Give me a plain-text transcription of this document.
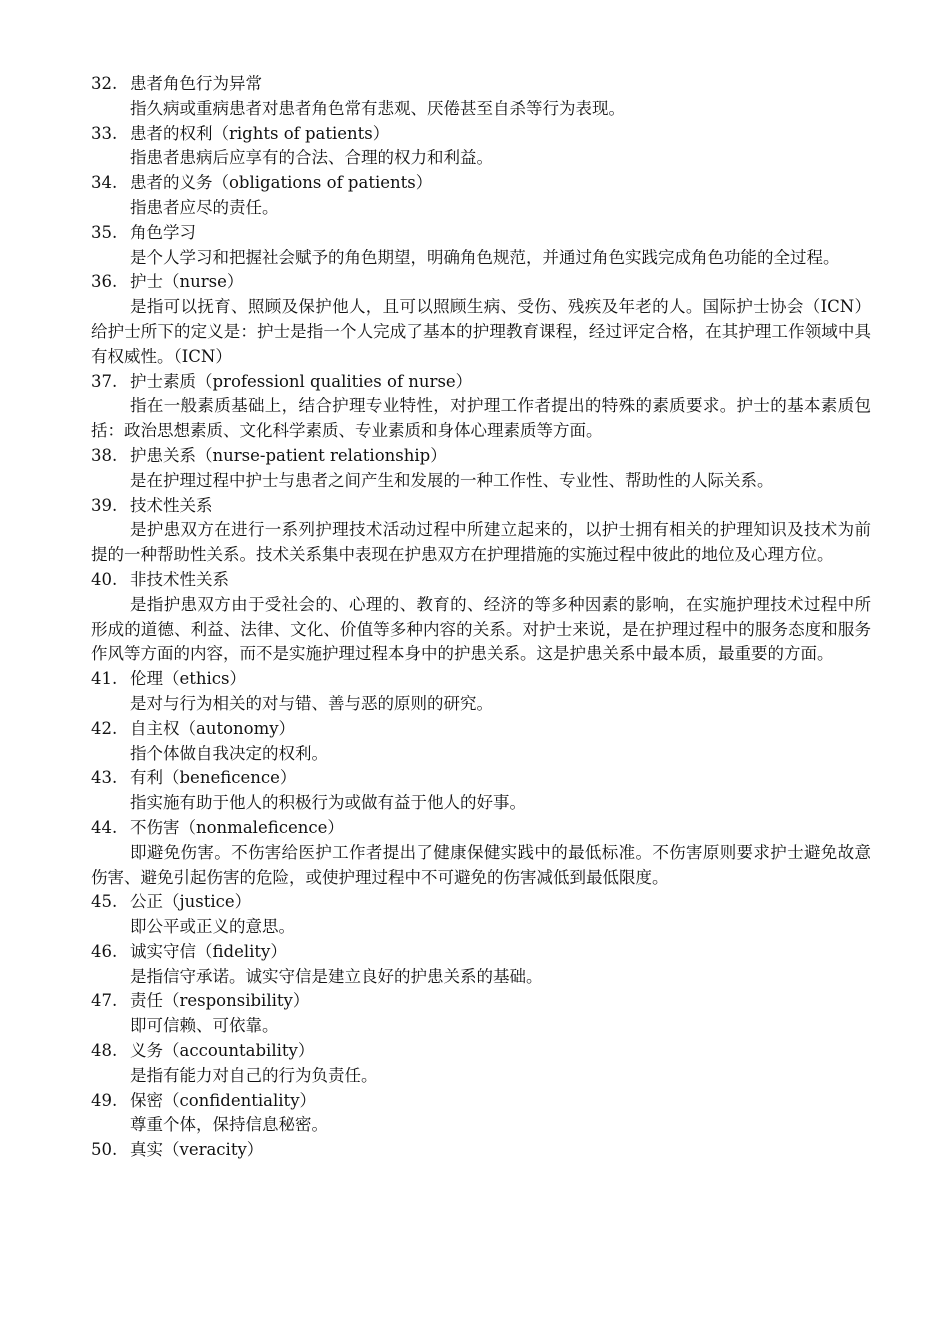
32. 患者角色行为异常

指久病或重病患者对患者角色常有悲观、厌倦甚至自杀等行为表现。

33. 患者的权利（rights of patients）

指患者患病后应享有的合法、合理的权力和利益。

34. 患者的义务（obligations of patients）

指患者应尽的责任。

35. 角色学习

是个人学习和把握社会赋予的角色期望，明确角色规范，并通过角色实践完成角色功能的全过程。

36. 护士（nurse）

是指可以抚育、照顾及保护他人，且可以照顾生病、受伤、残疾及年老的人。国际护士协会（ICN）给护士所下的定义是：护士是指一个人完成了基本的护理教育课程，经过评定合格，在其护理工作领域中具有权威性。（ICN）

37. 护士素质（professionl qualities of nurse）

指在一般素质基础上，结合护理专业特性，对护理工作者提出的特殊的素质要求。护士的基本素质包括：政治思想素质、文化科学素质、专业素质和身体心理素质等方面。

38. 护患关系（nurse-patient relationship）

是在护理过程中护士与患者之间产生和发展的一种工作性、专业性、帮助性的人际关系。

39. 技术性关系

是护患双方在进行一系列护理技术活动过程中所建立起来的，以护士拥有相关的护理知识及技术为前提的一种帮助性关系。技术关系集中表现在护患双方在护理措施的实施过程中彼此的地位及心理方位。

40. 非技术性关系

是指护患双方由于受社会的、心理的、教育的、经济的等多种因素的影响，在实施护理技术过程中所形成的道德、利益、法律、文化、价值等多种内容的关系。对护士来说，是在护理过程中的服务态度和服务作风等方面的内容，而不是实施护理过程本身中的护患关系。这是护患关系中最本质，最重要的方面。

41. 伦理（ethics）

是对与行为相关的对与错、善与恶的原则的研究。

42. 自主权（autonomy）

指个体做自我决定的权利。

43. 有利（beneficence）

指实施有助于他人的积极行为或做有益于他人的好事。

44. 不伤害（nonmaleficence）

即避免伤害。不伤害给医护工作者提出了健康保健实践中的最低标准。不伤害原则要求护士避免故意伤害、避免引起伤害的危险，或使护理过程中不可避免的伤害减低到最低限度。

45. 公正（justice）

即公平或正义的意思。

46. 诚实守信（fidelity）

是指信守承诺。诚实守信是建立良好的护患关系的基础。

47. 责任（responsibility）

即可信赖、可依靠。

48. 义务（accountability）

是指有能力对自己的行为负责任。

49. 保密（confidentiality）

尊重个体，保持信息秘密。

50. 真实（veracity）
